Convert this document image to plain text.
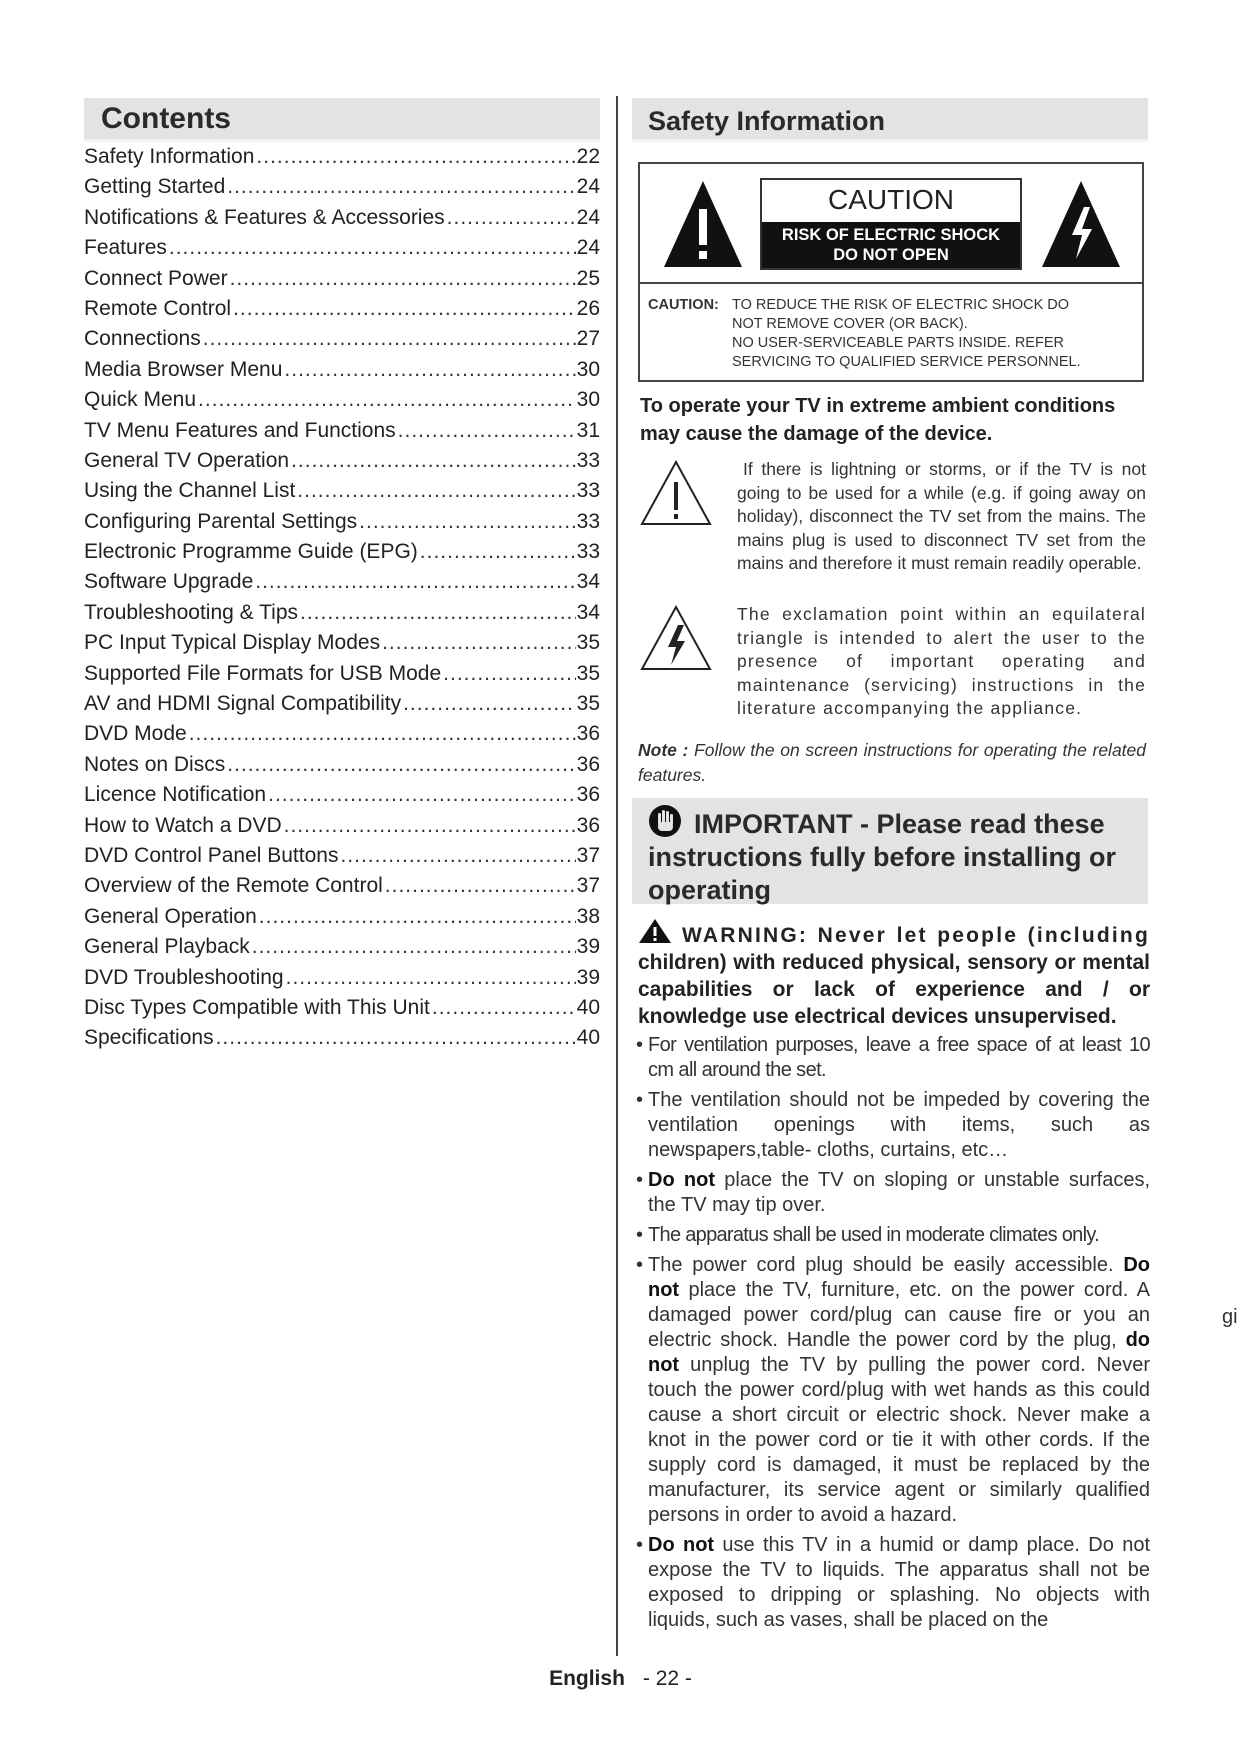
Contents
Safety Information .....	22
Getting Started .....	24
Notifications & Features & Accessories .....	24
Features .....	24
Connect Power .....	25
Remote Control .....	26
Connections .....	27
Media Browser Menu .....	30
Quick Menu .....	30
TV Menu Features and Functions .....	31
General TV Operation .....	33
Using the Channel List .....	33
Configuring Parental Settings .....	33
Electronic Programme Guide (EPG) .....	33
Software Upgrade .....	34
Troubleshooting & Tips .....	34
PC Input Typical Display Modes .....	35
Supported File Formats for USB Mode .....	35
AV and HDMI Signal Compatibility .....	35
DVD Mode .....	36
Notes on Discs .....	36
Licence Notification .....	36
How to Watch a DVD .....	36
DVD Control Panel Buttons .....	37
Overview of the Remote Control .....	37
General Operation .....	38
General Playback .....	39
DVD Troubleshooting .....	39
Disc Types Compatible with This Unit .....	40
Specifications .....	40
Safety Information
CAUTION
RISK OF ELECTRIC SHOCK
DO NOT OPEN
CAUTION: TO REDUCE THE RISK OF ELECTRIC SHOCK DO
NOT REMOVE COVER (OR BACK).
NO USER-SERVICEABLE PARTS INSIDE. REFER
SERVICING TO QUALIFIED SERVICE PERSONNEL.
To operate your TV in extreme ambient conditions may cause the damage of the device.
If there is lightning or storms, or if the TV is not going to be used for a while (e.g. if going away on holiday), disconnect the TV set from the mains. The mains plug is used to disconnect TV set from the mains and therefore it must remain readily operable.
The exclamation point within an equilateral triangle is intended to alert the user to the presence of important operating and maintenance (servicing) instructions in the literature accompanying the appliance.
Note : Follow the on screen instructions for operating the related features.
IMPORTANT - Please read these instructions fully before installing or operating
WARNING: Never let people (including children) with reduced physical, sensory or mental capabilities or lack of experience and / or knowledge use electrical devices unsupervised.
• For ventilation purposes, leave a free space of at least 10 cm all around the set.
• The ventilation should not be impeded by covering the ventilation openings with items, such as newspapers,table- cloths, curtains, etc…
• Do not place the TV on sloping or unstable surfaces, the TV may tip over.
• The apparatus shall be used in moderate climates only.
• The power cord plug should be easily accessible. Do not place the TV, furniture, etc. on the power cord. A damaged power cord/plug can cause fire or you an electric shock. Handle the power cord by the plug, do not unplug the TV by pulling the power cord. Never touch the power cord/plug with wet hands as this could cause a short circuit or electric shock. Never make a knot in the power cord or tie it with other cords. If the supply cord is damaged, it must be replaced by the manufacturer, its service agent or similarly qualified persons in order to avoid a hazard.
• Do not use this TV in a humid or damp place. Do not expose the TV to liquids. The apparatus shall not be exposed to dripping or splashing. No objects with liquids, such as vases, shall be placed on the
gi
English - 22 -
